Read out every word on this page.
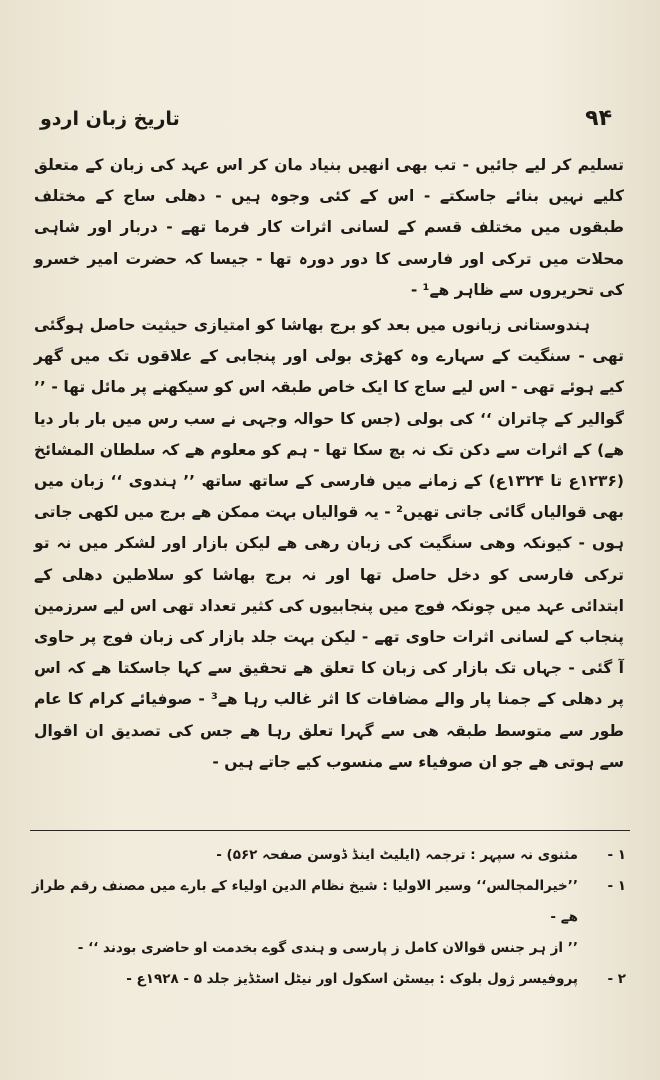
تاریخ زبان اردو	۹۴

تسلیم کر لیے جائیں - تب بھی انھیں بنیاد مان کر اس عہد کی زبان کے متعلق کلیے نہیں بنائے جاسکتے - اس کے کئی وجوہ ہیں - دھلی ساج کے مختلف طبقوں میں مختلف قسم کے لسانی اثرات کار فرما تھے - دربار اور شاہی محلات میں ترکی اور فارسی کا دور دورہ تھا - جیسا کہ حضرت امیر خسرو کی تحریروں سے ظاہر ھے¹ -

ہندوستانی زبانوں میں بعد کو برج بھاشا کو امتیازی حیثیت حاصل ہوگئی تھی - سنگیت کے سہارے وہ کھڑی بولی اور پنجابی کے علاقوں تک میں گھر کیے ہوئے تھی - اس لیے ساج کا ایک خاص طبقہ اس کو سیکھنے پر مائل تھا - ’’ گوالیر کے چاتران ‘‘ کی بولی (جس کا حوالہ وجہی نے سب رس میں بار بار دیا ھے) کے اثرات سے دکن تک نہ بچ سکا تھا - ہم کو معلوم ھے کہ سلطان المشائخ (۱۲۳۶ع تا ۱۳۲۴ع) کے زمانے میں فارسی کے ساتھ ساتھ ’’ ہندوی ‘‘ زبان میں بھی قوالیاں گائی جاتی تھیں² - یہ قوالیاں بہت ممکن ھے برج میں لکھی جاتی ہوں - کیونکہ وھی سنگیت کی زبان رھی ھے لیکن بازار اور لشکر میں نہ تو ترکی فارسی کو دخل حاصل تھا اور نہ برج بھاشا کو سلاطین دھلی کے ابتدائی عہد میں چونکہ فوج میں پنجابیوں کی کثیر تعداد تھی اس لیے سرزمین پنجاب کے لسانی اثرات حاوی تھے - لیکن بہت جلد بازار کی زبان فوج پر حاوی آ گئی - جہاں تک بازار کی زبان کا تعلق ھے تحقیق سے کہا جاسکتا ھے کہ اس پر دھلی کے جمنا پار والے مضافات کا اثر غالب رہا ھے³ - صوفیائے کرام کا عام طور سے متوسط طبقہ ھی سے گہرا تعلق رہا ھے جس کی تصدیق ان اقوال سے ہوتی ھے جو ان صوفیاء سے منسوب کیے جاتے ہیں -

۱ -
مثنوی نہ سپہر : ترجمہ (ایلیٹ اینڈ ڈوسن صفحہ ۵۶۲) -
۱ -
’’خیرالمجالس‘‘ وسیر الاولیا : شیخ نظام الدین اولیاء کے بارے میں مصنف رقم طراز ھے -
’’ از ہر جنس قوالان کامل ز پارسی و ہندی گوے بخدمت او حاضری بودند ‘‘ -
۲ -
پروفیسر ژول بلوک : بیسٹن اسکول اور نیٹل اسٹڈیز جلد ۵ - ۱۹۲۸ع -
